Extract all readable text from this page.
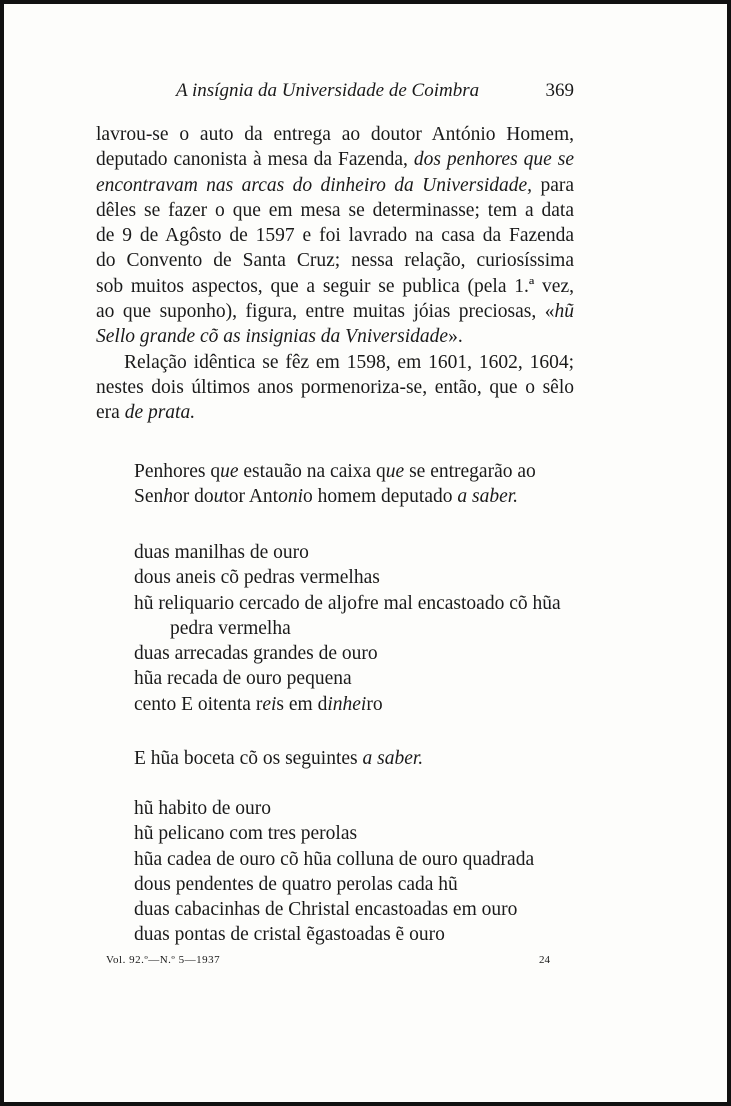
A insígnia da Universidade de Coimbra	369

lavrou-se o auto da entrega ao doutor António Homem,
deputado canonista à mesa da Fazenda, dos penhores que se
encontravam nas arcas do dinheiro da Universidade, para
dêles se fazer o que em mesa se determinasse; tem a data
de 9 de Agôsto de 1597 e foi lavrado na casa da Fazenda
do Convento de Santa Cruz; nessa relação, curiosíssima
sob muitos aspectos, que a seguir se publica (pela 1.ª vez,
ao que suponho), figura, entre muitas jóias preciosas, «hũ
Sello grande cõ as insignias da Vniversidade».

Relação idêntica se fêz em 1598, em 1601, 1602, 1604;
nestes dois últimos anos pormenoriza-se, então, que o sêlo
era de prata.

Penhores que estauão na caixa que se entregarão ao
Senhor doutor Antonio homem deputado a saber.
duas manilhas de ouro
dous aneis cõ pedras vermelhas
hũ reliquario cercado de aljofre mal encastoado cõ hũa
pedra vermelha
duas arrecadas grandes de ouro
hũa recada de ouro pequena
cento E oitenta reis em dinheiro
E hũa boceta cõ os seguintes a saber.
hũ habito de ouro
hũ pelicano com tres perolas
hũa cadea de ouro cõ hũa colluna de ouro quadrada
dous pendentes de quatro perolas cada hũ
duas cabacinhas de Christal encastoadas em ouro
duas pontas de cristal ẽgastoadas ẽ ouro
Vol. 92.º—N.º 5—1937	24
